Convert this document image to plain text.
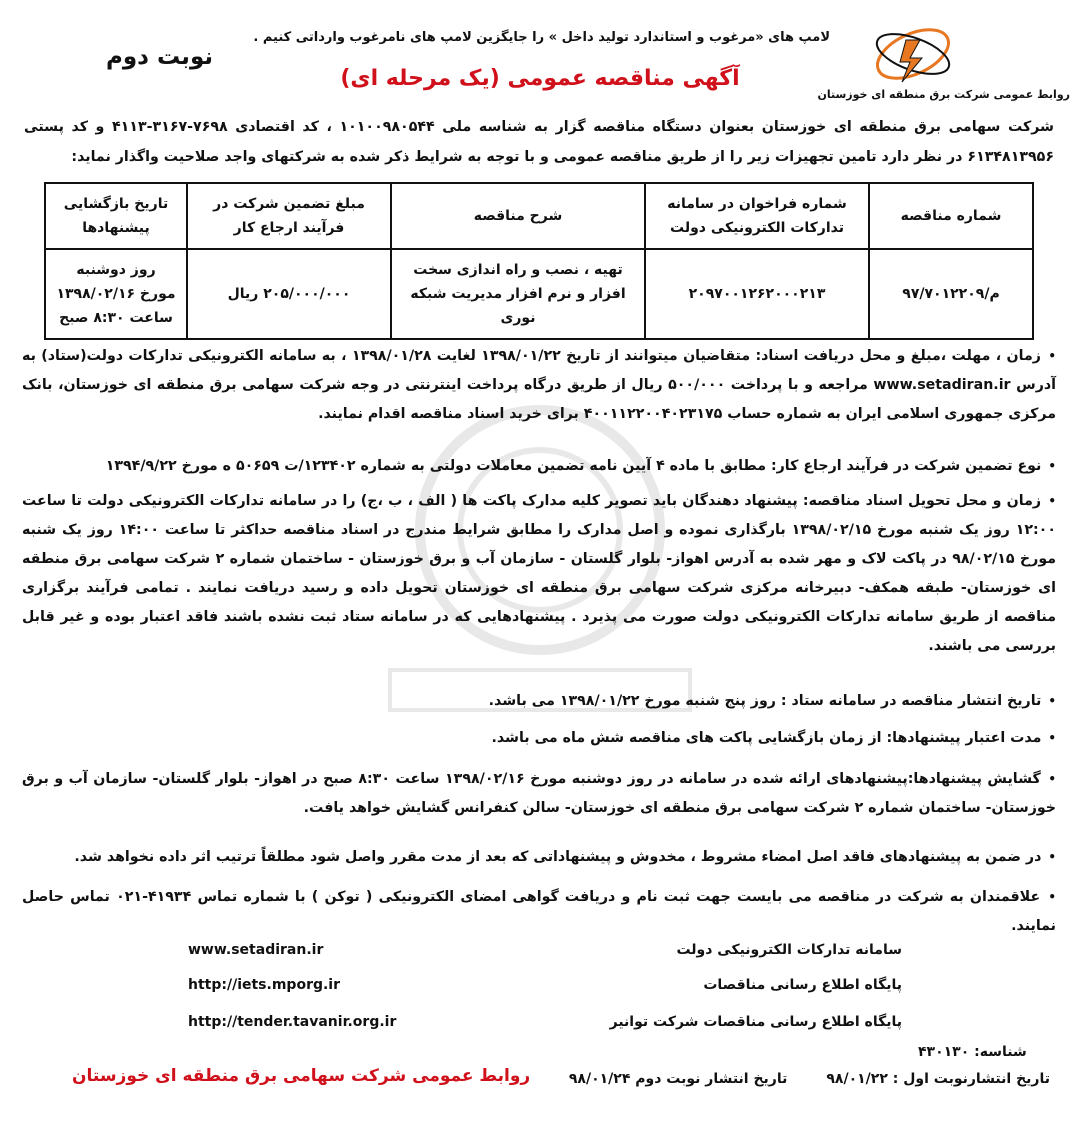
لامپ های «مرغوب و استاندارد تولید داخل » را جایگزین لامپ های نامرغوب وارداتی کنیم .
نوبت دوم
آگهی مناقصه عمومی (یک مرحله ای)
روابط عمومی شرکت برق منطقه ای خوزستان
شرکت سهامی برق منطقه ای خوزستان بعنوان دستگاه مناقصه گزار به شناسه ملی ۱۰۱۰۰۹۸۰۵۴۴ ، کد اقتصادی ۷۶۹۸-۳۱۶۷-۴۱۱۳ و کد پستی ۶۱۳۴۸۱۳۹۵۶ در نظر دارد تامین تجهیزات زیر را از طریق مناقصه عمومی و با توجه به شرایط ذکر شده به شرکتهای واجد صلاحیت واگذار نماید:
شماره مناقصه	شماره فراخوان در سامانه تدارکات الکترونیکی دولت	شرح مناقصه	مبلغ تضمین شرکت در فرآیند ارجاع کار	تاریخ بازگشایی پیشنهادها
م/۹۷/۷۰۱۲۲۰۹	۲۰۹۷۰۰۱۲۶۲۰۰۰۲۱۳	تهیه ، نصب و راه اندازی سخت افزار و نرم افزار مدیریت شبکه نوری	۲۰۵/۰۰۰/۰۰۰ ریال	روز دوشنبه
مورخ ۱۳۹۸/۰۲/۱۶
ساعت ۸:۳۰ صبح
• زمان ، مهلت ،مبلغ و محل دریافت اسناد: متقاضیان میتوانند از تاریخ ۱۳۹۸/۰۱/۲۲ لغایت ۱۳۹۸/۰۱/۲۸ ، به سامانه الکترونیکی تدارکات دولت(ستاد) به آدرس www.setadiran.ir مراجعه و با پرداخت ۵۰۰/۰۰۰ ریال از طریق درگاه پرداخت اینترنتی در وجه شرکت سهامی برق منطقه ای خوزستان، بانک مرکزی جمهوری اسلامی ایران به شماره حساب ۴۰۰۱۱۲۲۰۰۴۰۲۳۱۷۵ برای خرید اسناد مناقصه اقدام نمایند.
• نوع تضمین شرکت در فرآیند ارجاع کار: مطابق با ماده ۴ آیین نامه تضمین معاملات دولتی به شماره ۱۲۳۴۰۲/ت ۵۰۶۵۹ ه مورخ ۱۳۹۴/۹/۲۲
• زمان و محل تحویل اسناد مناقصه: پیشنهاد دهندگان باید تصویر کلیه مدارک پاکت ها ( الف ، ب ،ج) را در سامانه تدارکات الکترونیکی دولت تا ساعت ۱۲:۰۰ روز یک شنبه مورخ ۱۳۹۸/۰۲/۱۵ بارگذاری نموده و اصل مدارک را مطابق شرایط مندرج در اسناد مناقصه حداکثر تا ساعت ۱۴:۰۰ روز یک شنبه مورخ ۹۸/۰۲/۱۵ در پاکت لاک و مهر شده به آدرس اهواز- بلوار گلستان - سازمان آب و برق خوزستان - ساختمان شماره ۲ شرکت سهامی برق منطقه ای خوزستان- طبقه همکف- دبیرخانه مرکزی شرکت سهامی برق منطقه ای خوزستان تحویل داده و رسید دریافت نمایند . تمامی فرآیند برگزاری مناقصه از طریق سامانه تدارکات الکترونیکی دولت صورت می پذیرد . پیشنهادهایی که در سامانه ستاد ثبت نشده باشند فاقد اعتبار بوده و غیر قابل بررسی می باشند.
• تاریخ انتشار مناقصه در سامانه ستاد : روز پنج شنبه مورخ ۱۳۹۸/۰۱/۲۲ می باشد.
• مدت اعتبار پیشنهادها: از زمان بازگشایی پاکت های مناقصه شش ماه می باشد.
• گشایش پیشنهادها:پیشنهادهای ارائه شده در سامانه در روز دوشنبه مورخ ۱۳۹۸/۰۲/۱۶ ساعت ۸:۳۰ صبح در اهواز- بلوار گلستان- سازمان آب و برق خوزستان- ساختمان شماره ۲ شرکت سهامی برق منطقه ای خوزستان- سالن کنفرانس گشایش خواهد یافت.
• در ضمن به پیشنهادهای فاقد اصل امضاء مشروط ، مخدوش و پیشنهاداتی که بعد از مدت مقرر واصل شود مطلقاً ترتیب اثر داده نخواهد شد.
• علاقمندان به شرکت در مناقصه می بایست جهت ثبت نام و دریافت گواهی امضای الکترونیکی ( توکن ) با شماره تماس ۴۱۹۳۴-۰۲۱ تماس حاصل نمایند.
سامانه تدارکات الکترونیکی دولت
www.setadiran.ir
پایگاه اطلاع رسانی مناقصات
http://iets.mporg.ir
پایگاه اطلاع رسانی مناقصات شرکت توانیر
http://tender.tavanir.org.ir
شناسه: ۴۳۰۱۳۰
تاریخ انتشارنوبت اول : ۹۸/۰۱/۲۲        تاریخ انتشار نوبت دوم ۹۸/۰۱/۲۴
روابط عمومی شرکت سهامی برق منطقه ای خوزستان
